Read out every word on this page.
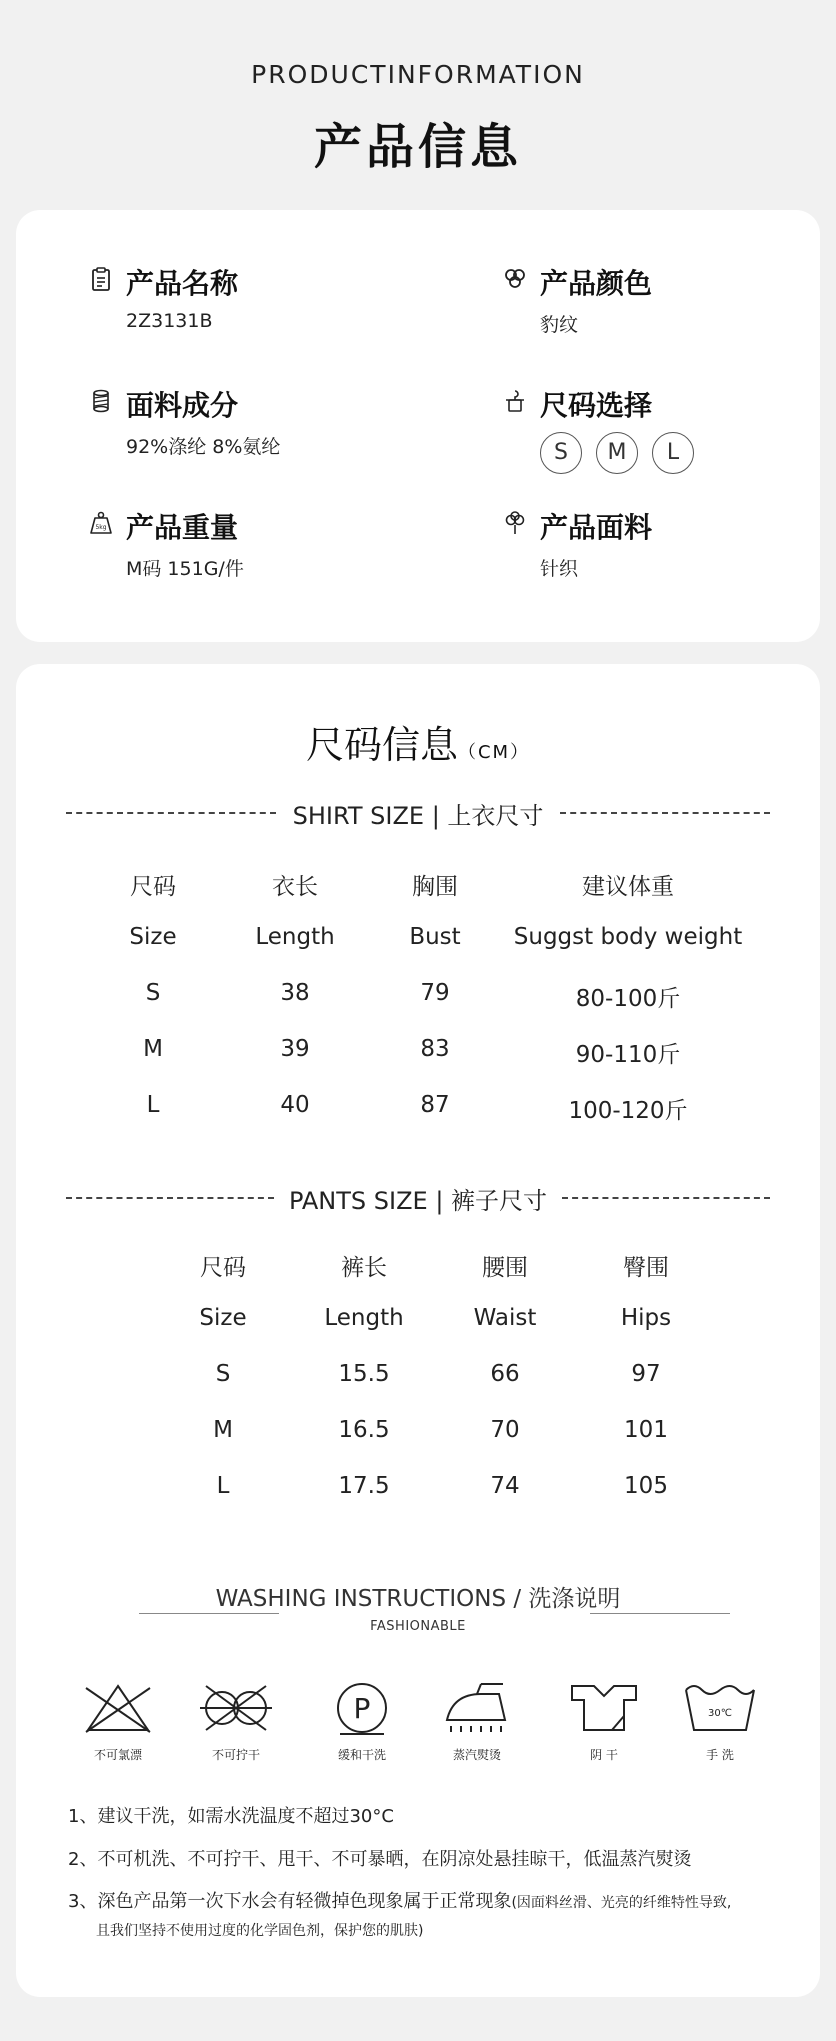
PRODUCTINFORMATION
产品信息
产品名称
2Z3131B
产品颜色
豹纹
面料成分
92%涤纶 8%氨纶
尺码选择
S	M	L
5kg 产品重量
M码 151G/件
产品面料
针织
尺码信息（CM）
SHIRT SIZE | 上衣尺寸
尺码	衣长	胸围	建议体重
Size	Length	Bust	Suggst body weight
S	38	79	80-100斤
M	39	83	90-110斤
L	40	87	100-120斤
PANTS SIZE | 裤子尺寸
尺码	裤长	腰围	臀围
Size	Length	Waist	Hips
S	15.5	66	97
M	16.5	70	101
L	17.5	74	105
WASHING INSTRUCTIONS / 洗涤说明
FASHIONABLE
不可氯漂	不可拧干
P
缓和干洗	蒸汽熨烫	阴 干
30℃
手 洗
1、建议干洗，如需水洗温度不超过30°C
2、不可机洗、不可拧干、甩干、不可暴晒，在阴凉处悬挂晾干，低温蒸汽熨烫
3、深色产品第一次下水会有轻微掉色现象属于正常现象(因面料丝滑、光亮的纤维特性导致,
且我们坚持不使用过度的化学固色剂，保护您的肌肤)
